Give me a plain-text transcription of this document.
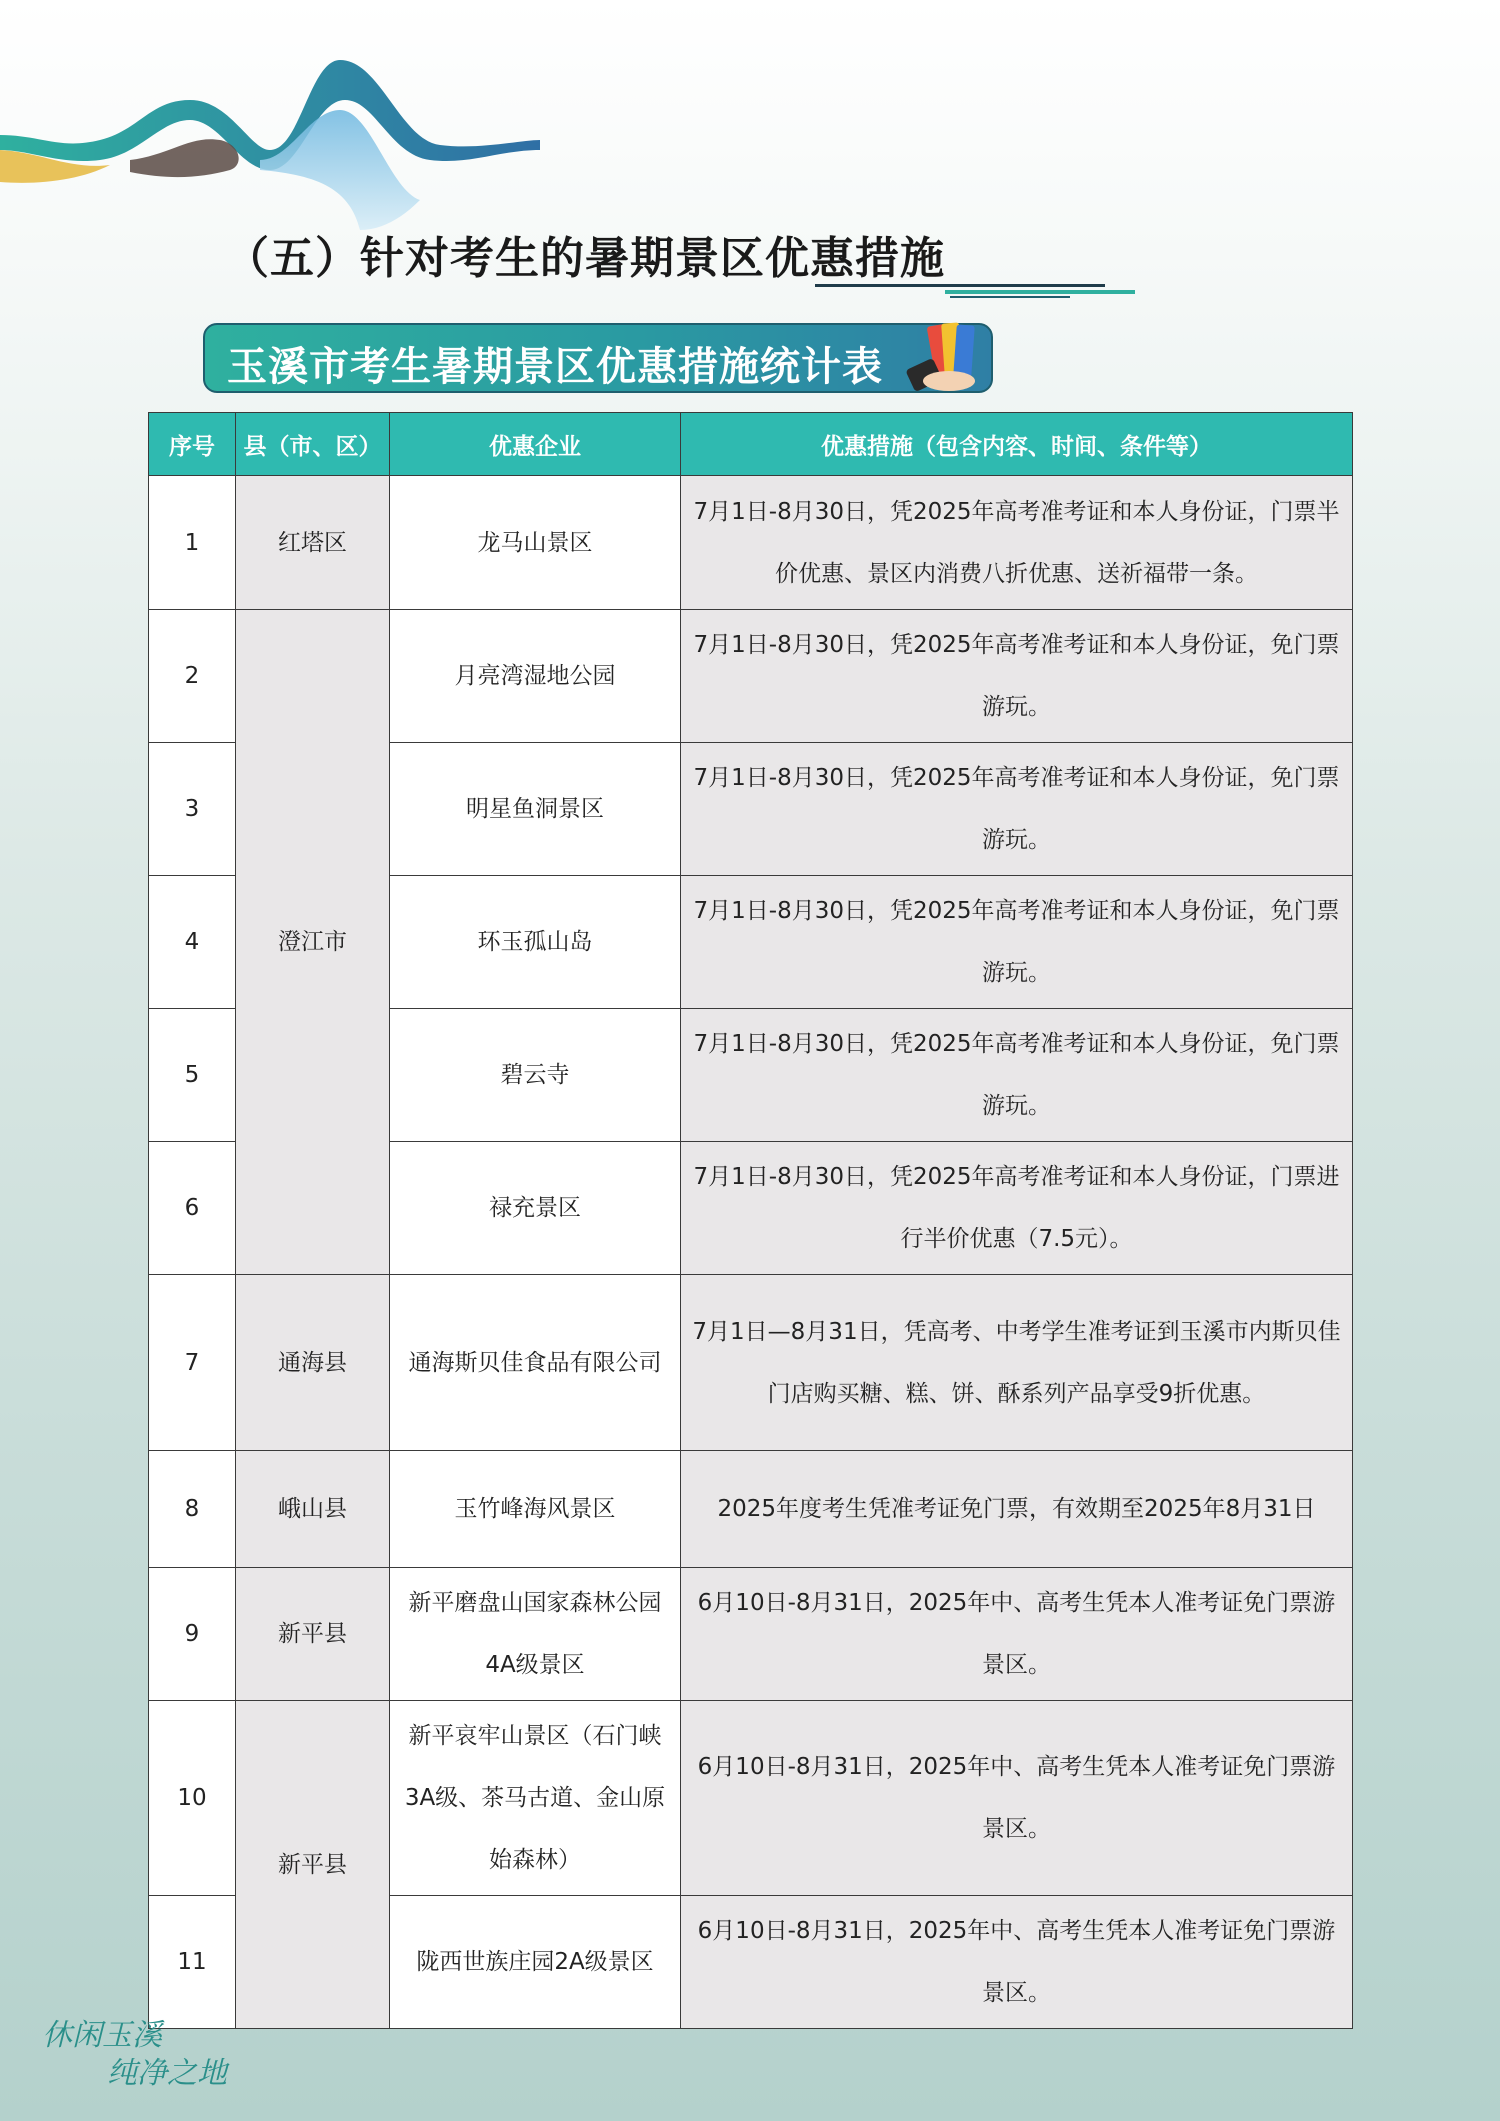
（五）针对考生的暑期景区优惠措施
玉溪市考生暑期景区优惠措施统计表
序号	县（市、区）	优惠企业	优惠措施（包含内容、时间、条件等）
1	红塔区	龙马山景区	7月1日-8月30日，凭2025年高考准考证和本人身份证，门票半价优惠、景区内消费八折优惠、送祈福带一条。
2	澄江市	月亮湾湿地公园	7月1日-8月30日，凭2025年高考准考证和本人身份证，免门票游玩。
3		明星鱼洞景区	7月1日-8月30日，凭2025年高考准考证和本人身份证，免门票游玩。
4		环玉孤山岛	7月1日-8月30日，凭2025年高考准考证和本人身份证，免门票游玩。
5		碧云寺	7月1日-8月30日，凭2025年高考准考证和本人身份证，免门票游玩。
6		禄充景区	7月1日-8月30日，凭2025年高考准考证和本人身份证，门票进行半价优惠（7.5元）。
7	通海县	通海斯贝佳食品有限公司	7月1日—8月31日，凭高考、中考学生准考证到玉溪市内斯贝佳门店购买糖、糕、饼、酥系列产品享受9折优惠。
8	峨山县	玉竹峰海风景区	2025年度考生凭准考证免门票，有效期至2025年8月31日
9	新平县	新平磨盘山国家森林公园4A级景区	6月10日-8月31日，2025年中、高考生凭本人准考证免门票游景区。
10	新平县	新平哀牢山景区（石门峡3A级、茶马古道、金山原始森林）	6月10日-8月31日，2025年中、高考生凭本人准考证免门票游景区。
11		陇西世族庄园2A级景区	6月10日-8月31日，2025年中、高考生凭本人准考证免门票游景区。
休闲玉溪
纯净之地
